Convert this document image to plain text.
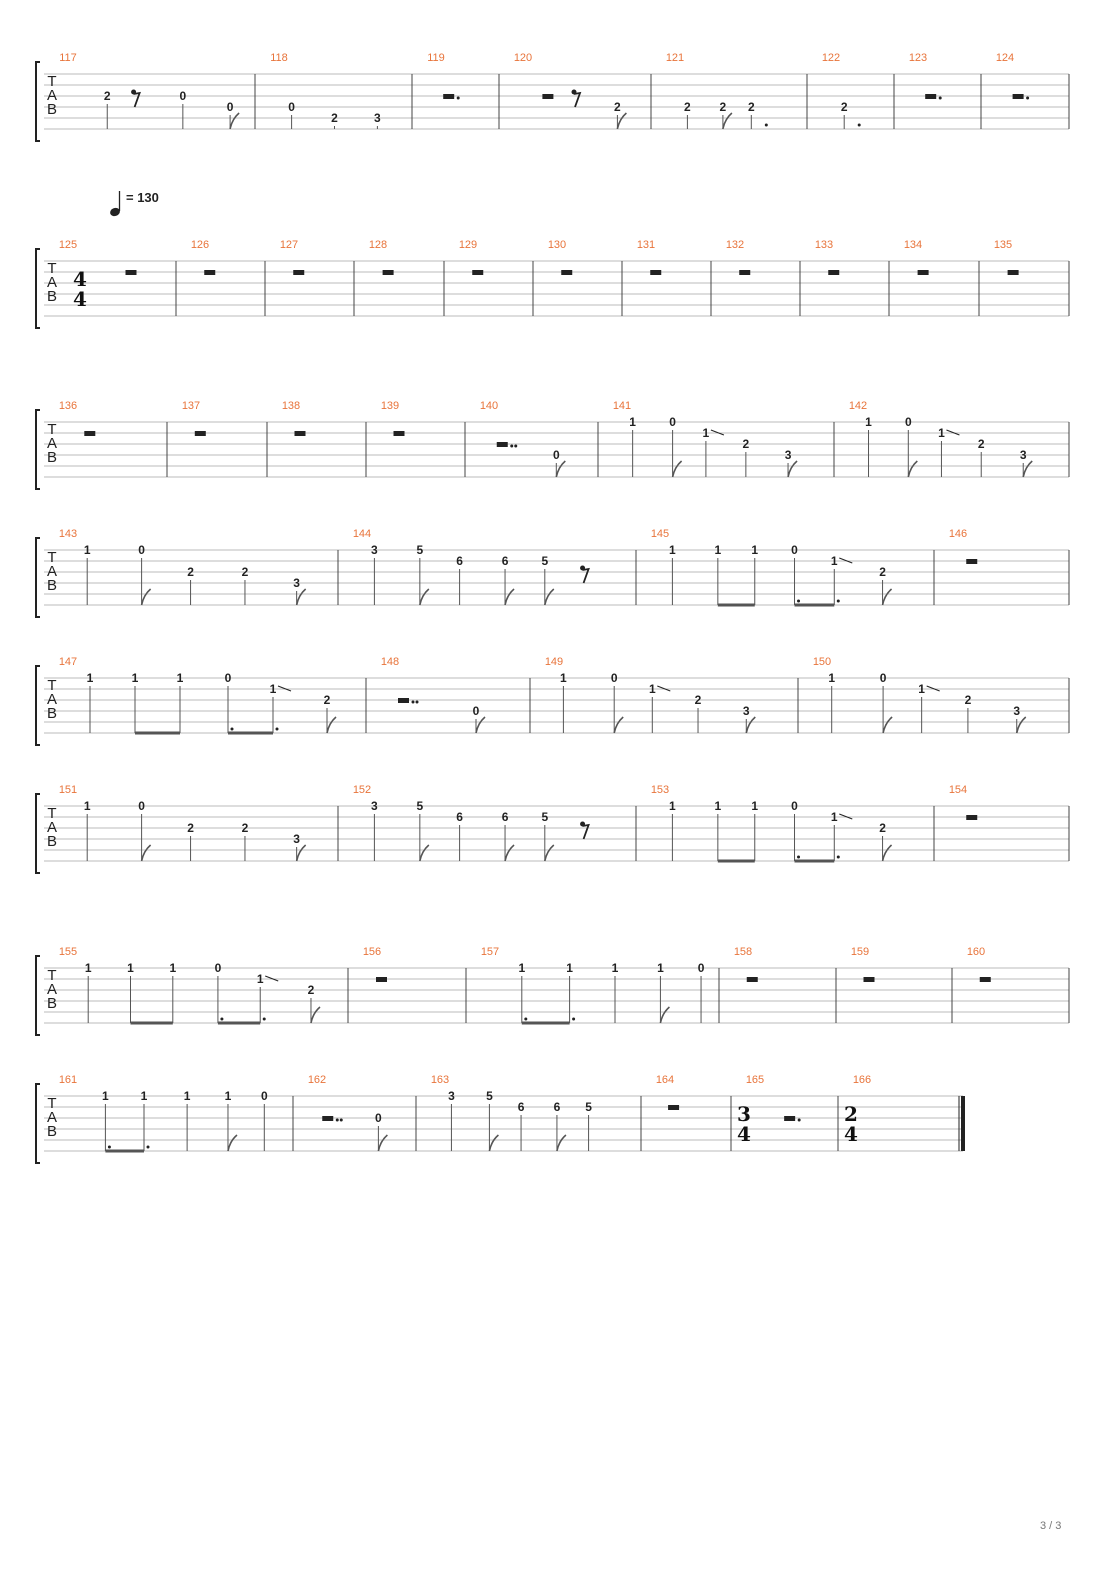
T
A
B
117
2	0
0
118
0
2	3
119	120
2
121
2 2 2
122
2
123	124
T
A
B
4
4
= 130
125	126	127	128	129	130	131	132	133	134	135
T
A
B
136	137	138	139	140
0
141
1	0
1
2
3
142
1	0
1
2
3
T
A
B
143
1	0
2	2
3
144
3	5
6	6	5
145
1	1	1	0
1
2
146
T
A
B
147
1	1	1	0
1
2
148
0
149
1	0
1
2
3
150
1	0
1
2
3
T
A
B
151
1	0
2	2
3
152
3	5
6	6	5
153
1	1	1	0
1
2
154
T
A
B
155
1	1	1	0
1
2
156	157
1	1	1	1	0
158	159	160
T
A
B
161
1	1	1	1 0
162
0
163
3	5
6 6 5
164	165
3
4
166
2
4
3 / 3
